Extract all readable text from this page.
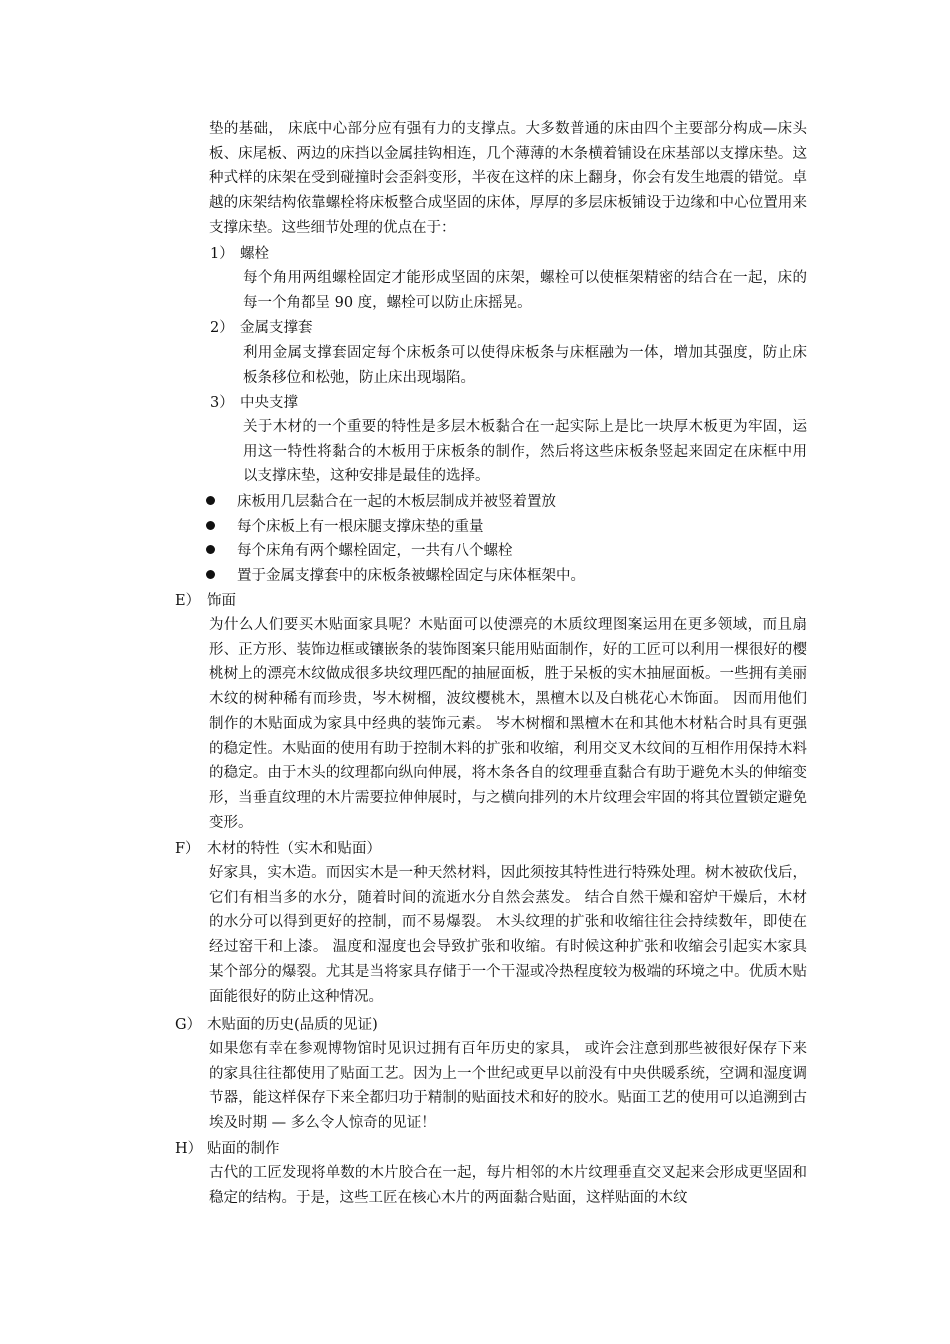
垫的基础， 床底中心部分应有强有力的支撑点。大多数普通的床由四个主要部分构成—床头板、床尾板、两边的床挡以金属挂钩相连，几个薄薄的木条横着铺设在床基部以支撑床垫。这种式样的床架在受到碰撞时会歪斜变形，半夜在这样的床上翻身，你会有发生地震的错觉。卓越的床架结构依靠螺栓将床板整合成坚固的床体，厚厚的多层床板铺设于边缘和中心位置用来支撑床垫。这些细节处理的优点在于：
1） 螺栓
每个角用两组螺栓固定才能形成坚固的床架，螺栓可以使框架精密的结合在一起，床的每一个角都呈 90 度，螺栓可以防止床摇晃。
2） 金属支撑套
利用金属支撑套固定每个床板条可以使得床板条与床框融为一体，增加其强度，防止床板条移位和松弛，防止床出现塌陷。
3） 中央支撑
关于木材的一个重要的特性是多层木板黏合在一起实际上是比一块厚木板更为牢固，运用这一特性将黏合的木板用于床板条的制作，然后将这些床板条竖起来固定在床框中用以支撑床垫，这种安排是最佳的选择。
床板用几层黏合在一起的木板层制成并被竖着置放
每个床板上有一根床腿支撑床垫的重量
每个床角有两个螺栓固定，一共有八个螺栓
置于金属支撑套中的床板条被螺栓固定与床体框架中。
E） 饰面
为什么人们要买木贴面家具呢？木贴面可以使漂亮的木质纹理图案运用在更多领域，而且扇形、正方形、装饰边框或镶嵌条的装饰图案只能用贴面制作，好的工匠可以利用一棵很好的樱桃树上的漂亮木纹做成很多块纹理匹配的抽屉面板，胜于呆板的实木抽屉面板。一些拥有美丽木纹的树种稀有而珍贵，岑木树榴，波纹樱桃木，黑檀木以及白桃花心木饰面。 因而用他们制作的木贴面成为家具中经典的装饰元素。 岑木树榴和黑檀木在和其他木材粘合时具有更强的稳定性。木贴面的使用有助于控制木料的扩张和收缩，利用交叉木纹间的互相作用保持木料的稳定。由于木头的纹理都向纵向伸展，将木条各自的纹理垂直黏合有助于避免木头的伸缩变形，当垂直纹理的木片需要拉伸伸展时，与之横向排列的木片纹理会牢固的将其位置锁定避免变形。
F） 木材的特性（实木和贴面）
好家具，实木造。而因实木是一种天然材料，因此须按其特性进行特殊处理。树木被砍伐后，它们有相当多的水分，随着时间的流逝水分自然会蒸发。 结合自然干燥和窑炉干燥后，木材的水分可以得到更好的控制，而不易爆裂。 木头纹理的扩张和收缩往往会持续数年，即使在经过窑干和上漆。 温度和湿度也会导致扩张和收缩。有时候这种扩张和收缩会引起实木家具某个部分的爆裂。尤其是当将家具存储于一个干湿或冷热程度较为极端的环境之中。优质木贴面能很好的防止这种情况。
G） 木贴面的历史(品质的见证)
如果您有幸在参观博物馆时见识过拥有百年历史的家具， 或许会注意到那些被很好保存下来的家具往往都使用了贴面工艺。因为上一个世纪或更早以前没有中央供暖系统，空调和湿度调节器，能这样保存下来全都归功于精制的贴面技术和好的胶水。贴面工艺的使用可以追溯到古埃及时期 — 多么令人惊奇的见证！
H） 贴面的制作
古代的工匠发现将单数的木片胶合在一起，每片相邻的木片纹理垂直交叉起来会形成更坚固和稳定的结构。于是，这些工匠在核心木片的两面黏合贴面，这样贴面的木纹
